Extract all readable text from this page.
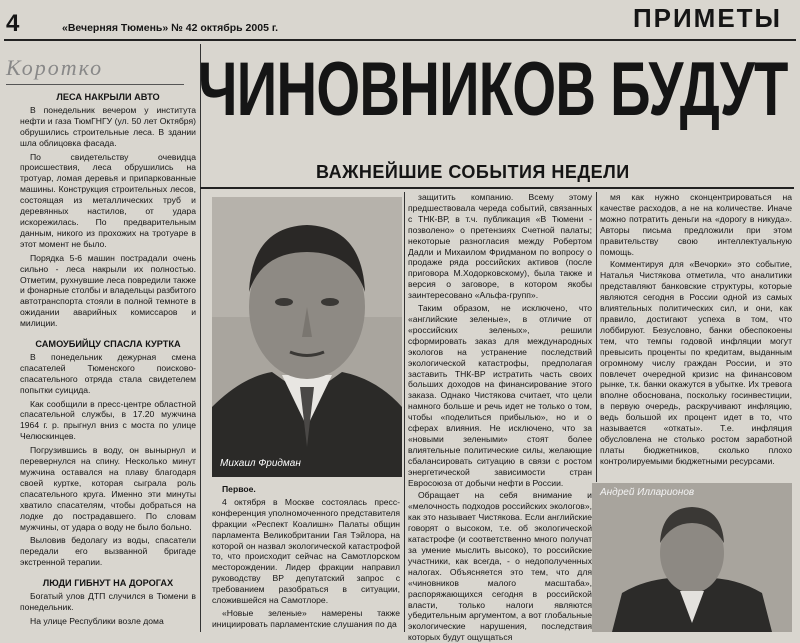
4	«Вечерняя Тюмень» № 42 октябрь 2005 г.	ПРИМЕТЫ
Коротко
ЛЕСА НАКРЫЛИ АВТО

В понедельник вечером у института нефти и газа ТюмГНГУ (ул. 50 лет Октября) обрушились строительные леса. В здании шла облицовка фасада.

По свидетельству очевидца происшествия, леса обрушились на тротуар, ломая деревья и припаркованные машины. Конструкция строительных лесов, состоящая из металлических труб и деревянных настилов, от удара искорежилась. По предварительным данным, никого из прохожих на тротуаре в этот момент не было.

Порядка 5-6 машин пострадали очень сильно - леса накрыли их полностью. Отметим, рухнувшие леса повредили также и фонарные столбы и владельцы разбитого автотранспорта стояли в полной темноте в ожидании аварийных комиссаров и милиции.

САМОУБИЙЦУ СПАСЛА КУРТКА

В понедельник дежурная смена спасателей Тюменского поисково-спасательного отряда стала свидетелем попытки суицида.

Как сообщили в пресс-центре областной спасательной службы, в 17.20 мужчина 1964 г. р. прыгнул вниз с моста по улице Челюскинцев.

Погрузившись в воду, он вынырнул и перевернулся на спину. Несколько минут мужчина оставался на плаву благодаря своей куртке, которая сыграла роль спасательного круга. Именно эти минуты хватило спасателям, чтобы добраться на лодке до пострадавшего. По словам мужчины, от удара о воду не было больно.

Выловив бедолагу из воды, спасатели передали его вызванной бригаде экстренной терапии.

ЛЮДИ ГИБНУТ НА ДОРОГАХ

Богатый улов ДТП случился в Тюмени в понедельник.

На улице Республики возле дома

ЧИНОВНИКОВ БУДУТ
ВАЖНЕЙШИЕ СОБЫТИЯ НЕДЕЛИ
Михаил Фридман

Первое.

4 октября в Москве состоялась пресс-конференция уполномоченного представителя фракции «Респект Коалишн» Палаты общин парламента Великобритании Гая Тэйлора, на которой он назвал экологической катастрофой то, что происходит сейчас на Самотлорском месторождении. Лидер фракции направил руководству ВР депутатский запрос с требованием разобраться в ситуации, сложившейся на Самотлоре.

«Новые зеленые» намерены также инициировать парламентские слушания по да

защитить компанию. Всему этому предшествовала череда событий, связанных с ТНК-ВР, в т.ч. публикация «В Тюмени - позволено» о претензиях Счетной палаты; некоторые разногласия между Робертом Дадли и Михаилом Фридманом по вопросу о продаже ряда российских активов (после приговора М.Ходорковскому), была также и версия о заговоре, в котором якобы заинтересовано «Альфа-групп».

Таким образом, не исключено, что «английские зеленые», в отличие от «российских зеленых», решили сформировать заказ для международных экологов на устранение последствий экологической катастрофы, предполагая заставить ТНК-ВР истратить часть своих больших доходов на финансирование этого заказа. Однако Чистякова считает, что цели намного больше и речь идет не только о том, чтобы «поделиться прибылью», но и о сферах влияния. Не исключено, что за «новыми зелеными» стоят более влиятельные политические силы, желающие сбалансировать ситуацию в связи с ростом энергетической зависимости стран Евросоюза от добычи нефти в России.

Обращает на себя внимание и «мелочность подходов российских экологов», как это называет Чистякова. Если английские говорят о высоком, т.е. об экологической катастрофе (и соответственно много получат за умение мыслить высоко), то российские участники, как всегда, - о недополученных налогах. Объясняется это тем, что для «чиновников малого масштаба», распоряжающихся сегодня в российской власти, только налоги являются убедительным аргументом, а вот глобальные экологические нарушения, последствия которых будут ощущаться

мя как нужно сконцентрироваться на качестве расходов, а не на количестве. Иначе можно потратить деньги на «дорогу в никуда». Авторы письма предложили при этом правительству свою интеллектуальную помощь.

Комментируя для «Вечорки» это событие, Наталья Чистякова отметила, что аналитики представляют банковские структуры, которые являются сегодня в России одной из самых влиятельных политических сил, и они, как правило, достигают успеха в том, что лоббируют. Безусловно, банки обеспокоены тем, что темпы годовой инфляции могут превысить проценты по кредитам, выданным огромному числу граждан России, и это повлечет очередной кризис на финансовом рынке, т.к. банки окажутся в убытке. Их тревога вполне обоснована, поскольку госинвестиции, в первую очередь, раскручивают инфляцию, ведь большой их процент идет в то, что называется «откаты». Т.е. инфляция обусловлена не столько ростом заработной платы бюджетников, сколько плохо контролируемыми бюджетными ресурсами.

Андрей Илларионов
